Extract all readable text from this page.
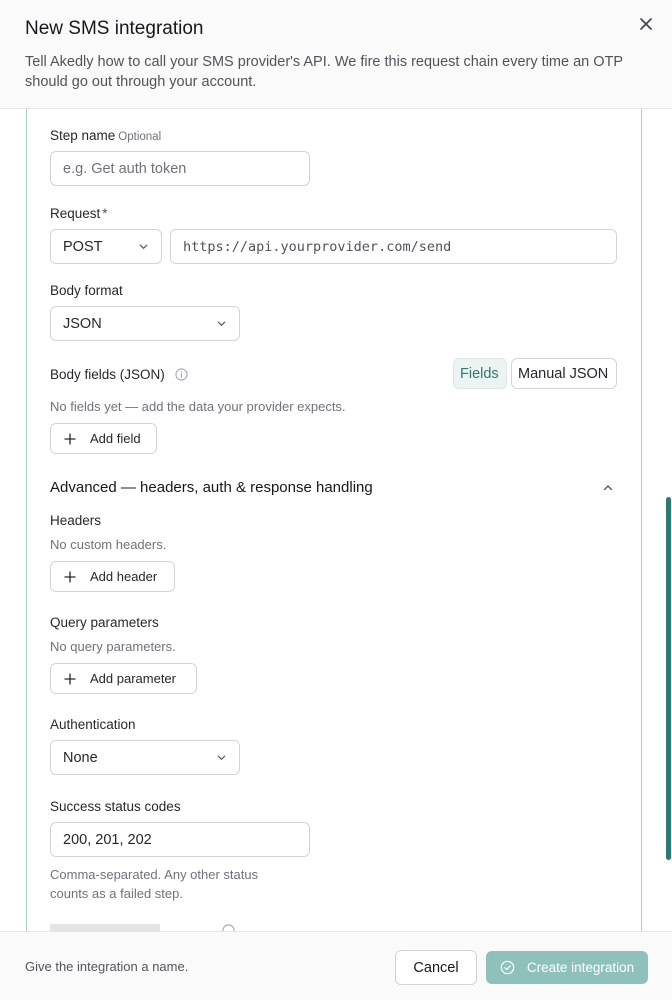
New SMS integration
Tell Akedly how to call your SMS provider's API. We fire this request chain every time an OTP should go out through your account.
Step name Optional
e.g. Get auth token
Request *
POST	https://api.yourprovider.com/send
Body format
JSON
Body fields (JSON)	Fields	Manual JSON
No fields yet — add the data your provider expects.
Add field
Advanced — headers, auth & response handling
Headers
No custom headers.
Add header
Query parameters
No query parameters.
Add parameter
Authentication
None
Success status codes
200, 201, 202
Comma-separated. Any other status
counts as a failed step.
Give the integration a name.	Cancel	Create integration
